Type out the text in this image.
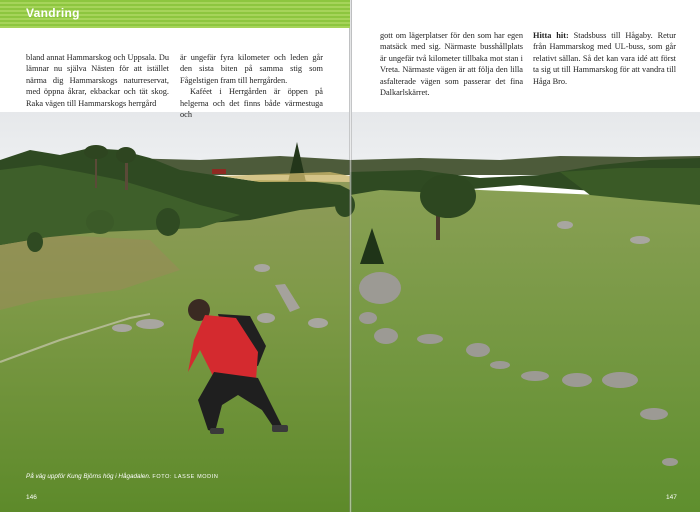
Vandring

bland annat Hammarskog och Uppsala. Du lämnar nu själva Nästen för att istället närma dig Hammarskogs naturreservat, med öppna åkrar, ekbackar och tät skog. Raka vägen till Hammarskogs herrgård

är ungefär fyra kilometer och leden går den sista biten på samma stig som Fågelstigen fram till herrgården.

Kaféet i Herrgården är öppen på helgerna och det finns både värmestuga och

gott om lägerplatser för den som har egen matsäck med sig. Närmaste busshållplats är ungefär två kilometer tillbaka mot stan i Vreta. Närmaste vägen är att följa den lilla asfalterade vägen som passerar det fina Dalkarlskärret.

Hitta hit: Stadsbuss till Hågaby. Retur från Hammarskog med UL-buss, som går relativt sällan. Så det kan vara idé att först ta sig ut till Hammarskog för att vandra till Håga Bro.

På väg uppför Kung Björns hög i Hågadalen. FOTO: LASSE MODIN
146	147
